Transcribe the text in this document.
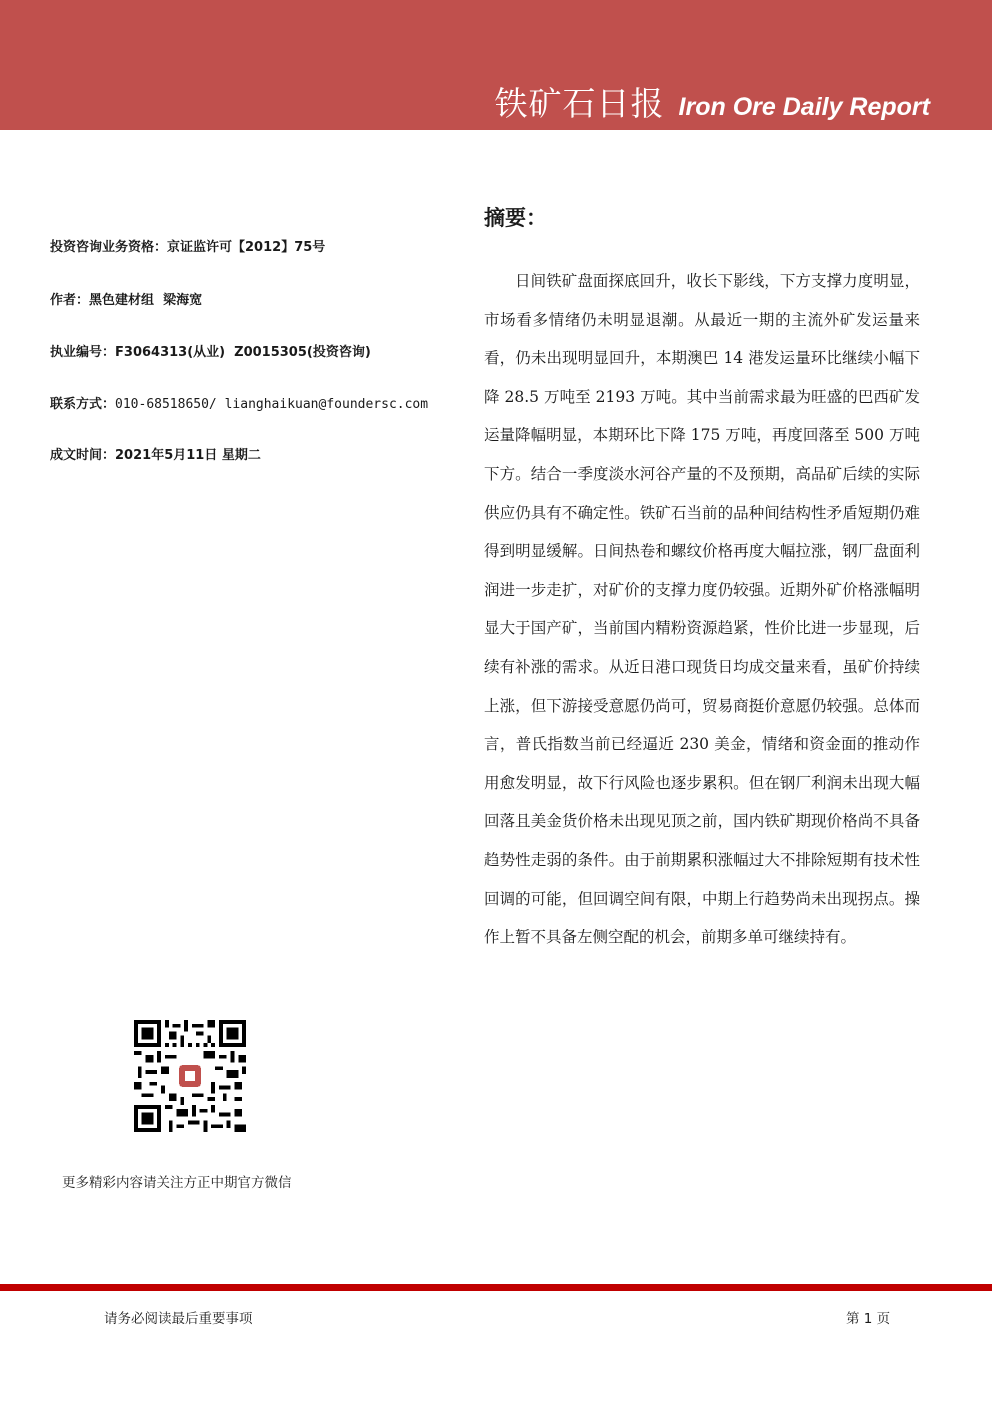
铁矿石日报 Iron Ore Daily Report
投资咨询业务资格：京证监许可【2012】75号
作者：黑色建材组  梁海宽
执业编号：F3064313(从业)  Z0015305(投资咨询)
联系方式：010-68518650/ lianghaikuan@foundersc.com
成文时间：2021年5月11日 星期二
摘要：
日间铁矿盘面探底回升，收长下影线，下方支撑力度明显，市场看多情绪仍未明显退潮。从最近一期的主流外矿发运量来看，仍未出现明显回升，本期澳巴 14 港发运量环比继续小幅下降 28.5 万吨至 2193 万吨。其中当前需求最为旺盛的巴西矿发运量降幅明显，本期环比下降 175 万吨，再度回落至 500 万吨下方。结合一季度淡水河谷产量的不及预期，高品矿后续的实际供应仍具有不确定性。铁矿石当前的品种间结构性矛盾短期仍难得到明显缓解。日间热卷和螺纹价格再度大幅拉涨，钢厂盘面利润进一步走扩，对矿价的支撑力度仍较强。近期外矿价格涨幅明显大于国产矿，当前国内精粉资源趋紧，性价比进一步显现，后续有补涨的需求。从近日港口现货日均成交量来看，虽矿价持续上涨，但下游接受意愿仍尚可，贸易商挺价意愿仍较强。总体而言，普氏指数当前已经逼近 230 美金，情绪和资金面的推动作用愈发明显，故下行风险也逐步累积。但在钢厂利润未出现大幅回落且美金货价格未出现见顶之前，国内铁矿期现价格尚不具备趋势性走弱的条件。由于前期累积涨幅过大不排除短期有技术性回调的可能，但回调空间有限，中期上行趋势尚未出现拐点。操作上暂不具备左侧空配的机会，前期多单可继续持有。
更多精彩内容请关注方正中期官方微信
请务必阅读最后重要事项	第 1 页
